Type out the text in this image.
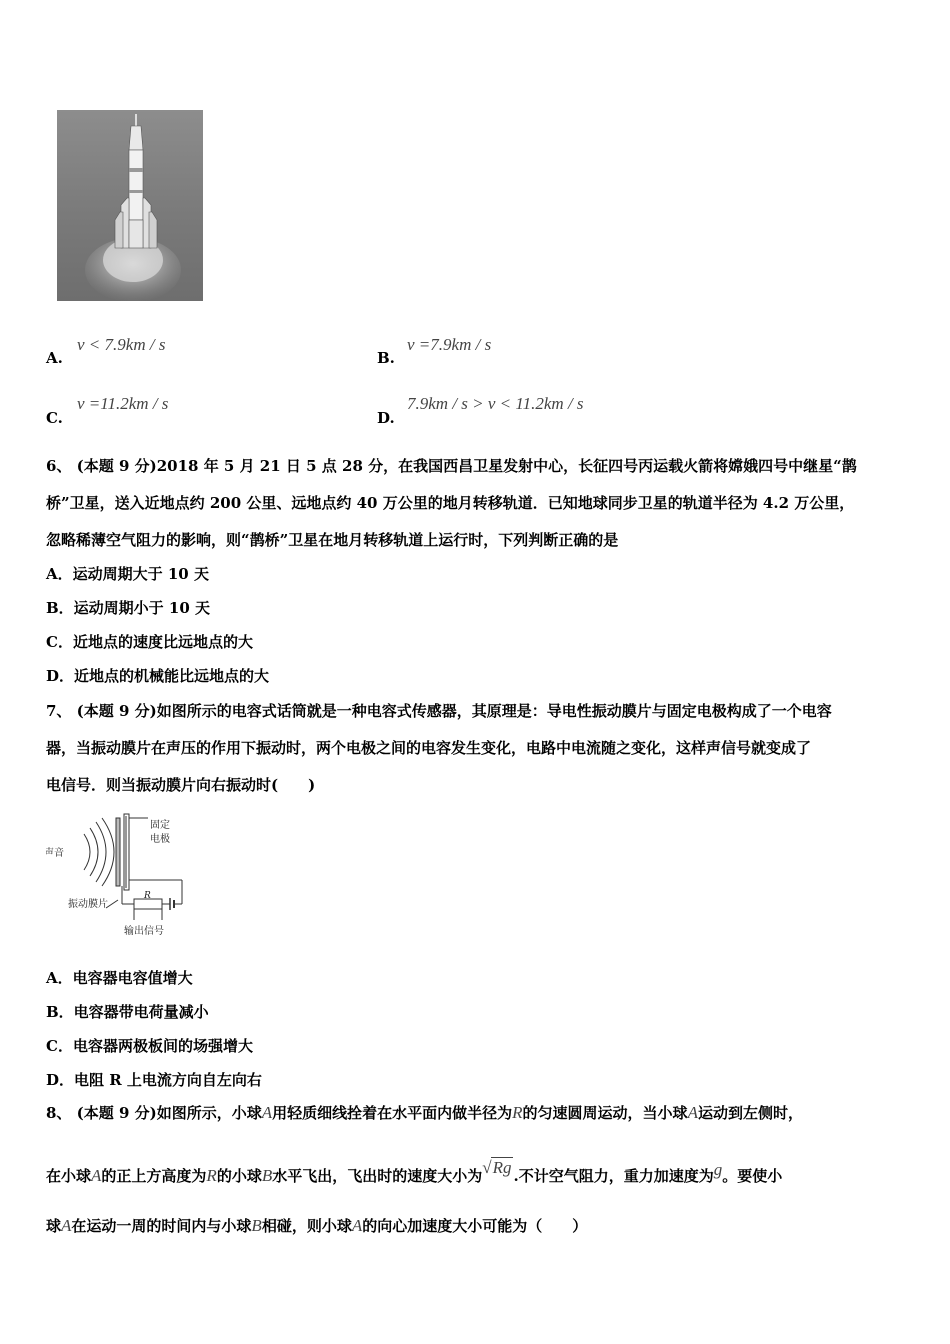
A.
v < 7.9km / s
B.
v =7.9km / s
C.
v =11.2km / s
D.
7.9km / s > v < 11.2km / s
6、 (本题 9 分)2018 年 5 月 21 日 5 点 28 分，在我国西昌卫星发射中心，长征四号丙运载火箭将嫦娥四号中继星“鹊
桥”卫星，送入近地点约 200 公里、远地点约 40 万公里的地月转移轨道．已知地球同步卫星的轨道半径为 4.2 万公里，
忽略稀薄空气阻力的影响，则“鹊桥”卫星在地月转移轨道上运行时，下列判断正确的是
A．运动周期大于 10 天
B．运动周期小于 10 天
C．近地点的速度比远地点的大
D．近地点的机械能比远地点的大
7、 (本题 9 分)如图所示的电容式话筒就是一种电容式传感器，其原理是：导电性振动膜片与固定电极构成了一个电容
器，当振动膜片在声压的作用下振动时，两个电极之间的电容发生变化，电路中电流随之变化，这样声信号就变成了
电信号．则当振动膜片向右振动时(　　)
声音
固定
电极
振动膜片
R
输出信号
A．电容器电容值增大
B．电容器带电荷量减小
C．电容器两极板间的场强增大
D．电阻 R 上电流方向自左向右
8、 (本题 9 分)如图所示，小球A用轻质细线拴着在水平面内做半径为R的匀速圆周运动，当小球A运动到左侧时，
在小球A的正上方高度为R的小球B水平飞出，飞出时的速度大小为√Rg .不计空气阻力，重力加速度为g。要使小
球A在运动一周的时间内与小球B相碰，则小球A的向心加速度大小可能为（　　）
